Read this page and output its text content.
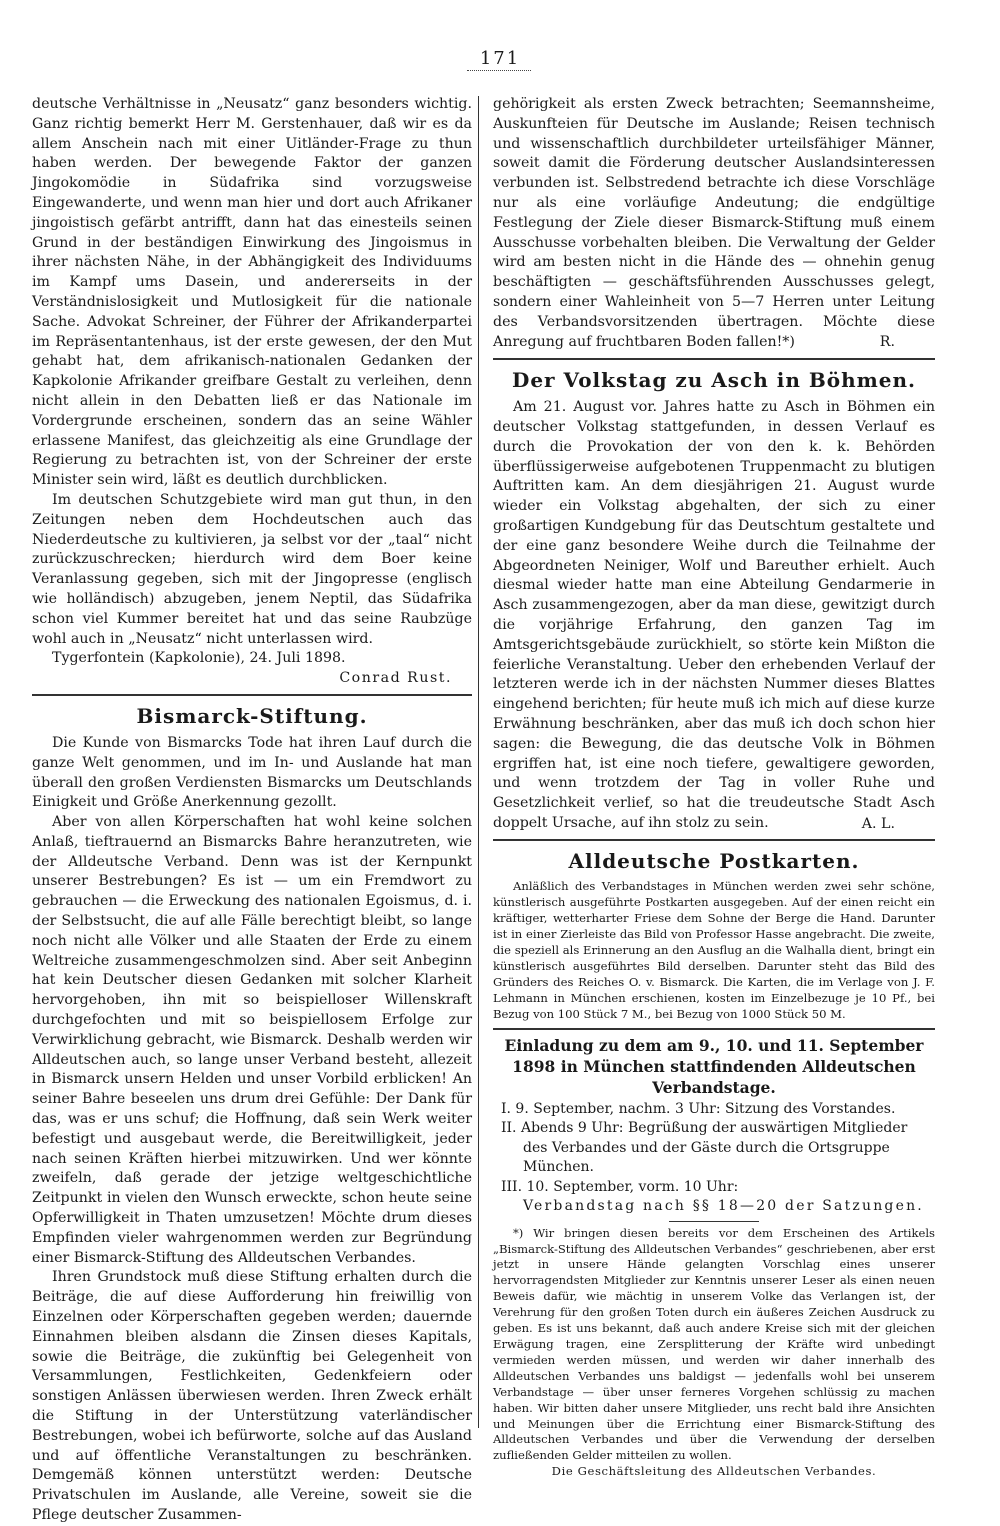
171

deutsche Verhältnisse in „Neusatz“ ganz besonders wichtig. Ganz richtig bemerkt Herr M. Gerstenhauer, daß wir es da allem Anschein nach mit einer Uitländer-Frage zu thun haben werden. Der bewegende Faktor der ganzen Jingokomödie in Südafrika sind vorzugsweise Eingewanderte, und wenn man hier und dort auch Afrikaner jingoistisch gefärbt antrifft, dann hat das einesteils seinen Grund in der beständigen Einwirkung des Jingoismus in ihrer nächsten Nähe, in der Abhängigkeit des Individuums im Kampf ums Dasein, und andererseits in der Verständnislosigkeit und Mutlosigkeit für die nationale Sache. Advokat Schreiner, der Führer der Afrikanderpartei im Repräsentantenhaus, ist der erste gewesen, der den Mut gehabt hat, dem afrikanisch-nationalen Gedanken der Kapkolonie Afrikander greifbare Gestalt zu verleihen, denn nicht allein in den Debatten ließ er das Nationale im Vordergrunde erscheinen, sondern das an seine Wähler erlassene Manifest, das gleichzeitig als eine Grundlage der Regierung zu betrachten ist, von der Schreiner der erste Minister sein wird, läßt es deutlich durchblicken.

Im deutschen Schutzgebiete wird man gut thun, in den Zeitungen neben dem Hochdeutschen auch das Niederdeutsche zu kultivieren, ja selbst vor der „taal“ nicht zurückzuschrecken; hierdurch wird dem Boer keine Veranlassung gegeben, sich mit der Jingopresse (englisch wie holländisch) abzugeben, jenem Neptil, das Südafrika schon viel Kummer bereitet hat und das seine Raubzüge wohl auch in „Neusatz“ nicht unterlassen wird.

Tygerfontein (Kapkolonie), 24. Juli 1898.

Conrad Rust.

Bismarck-Stiftung.

Die Kunde von Bismarcks Tode hat ihren Lauf durch die ganze Welt genommen, und im In- und Auslande hat man überall den großen Verdiensten Bismarcks um Deutschlands Einigkeit und Größe Anerkennung gezollt.

Aber von allen Körperschaften hat wohl keine solchen Anlaß, tieftrauernd an Bismarcks Bahre heranzutreten, wie der Alldeutsche Verband. Denn was ist der Kernpunkt unserer Bestrebungen? Es ist — um ein Fremdwort zu gebrauchen — die Erweckung des nationalen Egoismus, d. i. der Selbstsucht, die auf alle Fälle berechtigt bleibt, so lange noch nicht alle Völker und alle Staaten der Erde zu einem Weltreiche zusammengeschmolzen sind. Aber seit Anbeginn hat kein Deutscher diesen Gedanken mit solcher Klarheit hervorgehoben, ihn mit so beispielloser Willenskraft durchgefochten und mit so beispiellosem Erfolge zur Verwirklichung gebracht, wie Bismarck. Deshalb werden wir Alldeutschen auch, so lange unser Verband besteht, allezeit in Bismarck unsern Helden und unser Vorbild erblicken! An seiner Bahre beseelen uns drum drei Gefühle: Der Dank für das, was er uns schuf; die Hoffnung, daß sein Werk weiter befestigt und ausgebaut werde, die Bereitwilligkeit, jeder nach seinen Kräften hierbei mitzuwirken. Und wer könnte zweifeln, daß gerade der jetzige weltgeschichtliche Zeitpunkt in vielen den Wunsch erweckte, schon heute seine Opferwilligkeit in Thaten umzusetzen! Möchte drum dieses Empfinden vieler wahrgenommen werden zur Begründung einer Bismarck-Stiftung des Alldeutschen Verbandes.

Ihren Grundstock muß diese Stiftung erhalten durch die Beiträge, die auf diese Aufforderung hin freiwillig von Einzelnen oder Körperschaften gegeben werden; dauernde Einnahmen bleiben alsdann die Zinsen dieses Kapitals, sowie die Beiträge, die zukünftig bei Gelegenheit von Versammlungen, Festlichkeiten, Gedenkfeiern oder sonstigen Anlässen überwiesen werden. Ihren Zweck erhält die Stiftung in der Unterstützung vaterländischer Bestrebungen, wobei ich befürworte, solche auf das Ausland und auf öffentliche Veranstaltungen zu beschränken. Demgemäß können unterstützt werden: Deutsche Privatschulen im Auslande, alle Vereine, soweit sie die Pflege deutscher Zusammen-

gehörigkeit als ersten Zweck betrachten; Seemannsheime, Auskunfteien für Deutsche im Auslande; Reisen technisch und wissenschaftlich durchbildeter urteilsfähiger Männer, soweit damit die Förderung deutscher Auslandsinteressen verbunden ist. Selbstredend betrachte ich diese Vorschläge nur als eine vorläufige Andeutung; die endgültige Festlegung der Ziele dieser Bismarck-Stiftung muß einem Ausschusse vorbehalten bleiben. Die Verwaltung der Gelder wird am besten nicht in die Hände des — ohnehin genug beschäftigten — geschäftsführenden Ausschusses gelegt, sondern einer Wahleinheit von 5—7 Herren unter Leitung des Verbandsvorsitzenden übertragen. Möchte diese Anregung auf fruchtbaren Boden fallen!*)	R.

Der Volkstag zu Asch in Böhmen.

Am 21. August vor. Jahres hatte zu Asch in Böhmen ein deutscher Volkstag stattgefunden, in dessen Verlauf es durch die Provokation der von den k. k. Behörden überflüssigerweise aufgebotenen Truppenmacht zu blutigen Auftritten kam. An dem diesjährigen 21. August wurde wieder ein Volkstag abgehalten, der sich zu einer großartigen Kundgebung für das Deutschtum gestaltete und der eine ganz besondere Weihe durch die Teilnahme der Abgeordneten Neiniger, Wolf und Bareuther erhielt. Auch diesmal wieder hatte man eine Abteilung Gendarmerie in Asch zusammengezogen, aber da man diese, gewitzigt durch die vorjährige Erfahrung, den ganzen Tag im Amtsgerichtsgebäude zurückhielt, so störte kein Mißton die feierliche Veranstaltung. Ueber den erhebenden Verlauf der letzteren werde ich in der nächsten Nummer dieses Blattes eingehend berichten; für heute muß ich mich auf diese kurze Erwähnung beschränken, aber das muß ich doch schon hier sagen: die Bewegung, die das deutsche Volk in Böhmen ergriffen hat, ist eine noch tiefere, gewaltigere geworden, und wenn trotzdem der Tag in voller Ruhe und Gesetzlichkeit verlief, so hat die treudeutsche Stadt Asch doppelt Ursache, auf ihn stolz zu sein.	A. L.

Alldeutsche Postkarten.

Anläßlich des Verbandstages in München werden zwei sehr schöne, künstlerisch ausgeführte Postkarten ausgegeben. Auf der einen reicht ein kräftiger, wetterharter Friese dem Sohne der Berge die Hand. Darunter ist in einer Zierleiste das Bild von Professor Hasse angebracht. Die zweite, die speziell als Erinnerung an den Ausflug an die Walhalla dient, bringt ein künstlerisch ausgeführtes Bild derselben. Darunter steht das Bild des Gründers des Reiches O. v. Bismarck. Die Karten, die im Verlage von J. F. Lehmann in München erschienen, kosten im Einzelbezuge je 10 Pf., bei Bezug von 100 Stück 7 M., bei Bezug von 1000 Stück 50 M.

Einladung zu dem am 9., 10. und 11. September 1898 in München stattfindenden Alldeutschen Verbandstage.

I. 9. September, nachm. 3 Uhr: Sitzung des Vorstandes.

II. Abends 9 Uhr: Begrüßung der auswärtigen Mitglieder des Verbandes und der Gäste durch die Ortsgruppe München.

III. 10. September, vorm. 10 Uhr:

Verbandstag nach §§ 18—20 der Satzungen.

*) Wir bringen diesen bereits vor dem Erscheinen des Artikels „Bismarck-Stiftung des Alldeutschen Verbandes“ geschriebenen, aber erst jetzt in unsere Hände gelangten Vorschlag eines unserer hervorragendsten Mitglieder zur Kenntnis unserer Leser als einen neuen Beweis dafür, wie mächtig in unserem Volke das Verlangen ist, der Verehrung für den großen Toten durch ein äußeres Zeichen Ausdruck zu geben. Es ist uns bekannt, daß auch andere Kreise sich mit der gleichen Erwägung tragen, eine Zersplitterung der Kräfte wird unbedingt vermieden werden müssen, und werden wir daher innerhalb des Alldeutschen Verbandes uns baldigst — jedenfalls wohl bei unserem Verbandstage — über unser ferneres Vorgehen schlüssig zu machen haben. Wir bitten daher unsere Mitglieder, uns recht bald ihre Ansichten und Meinungen über die Errichtung einer Bismarck-Stiftung des Alldeutschen Verbandes und über die Verwendung der derselben zufließenden Gelder mitteilen zu wollen.

Die Geschäftsleitung des Alldeutschen Verbandes.
